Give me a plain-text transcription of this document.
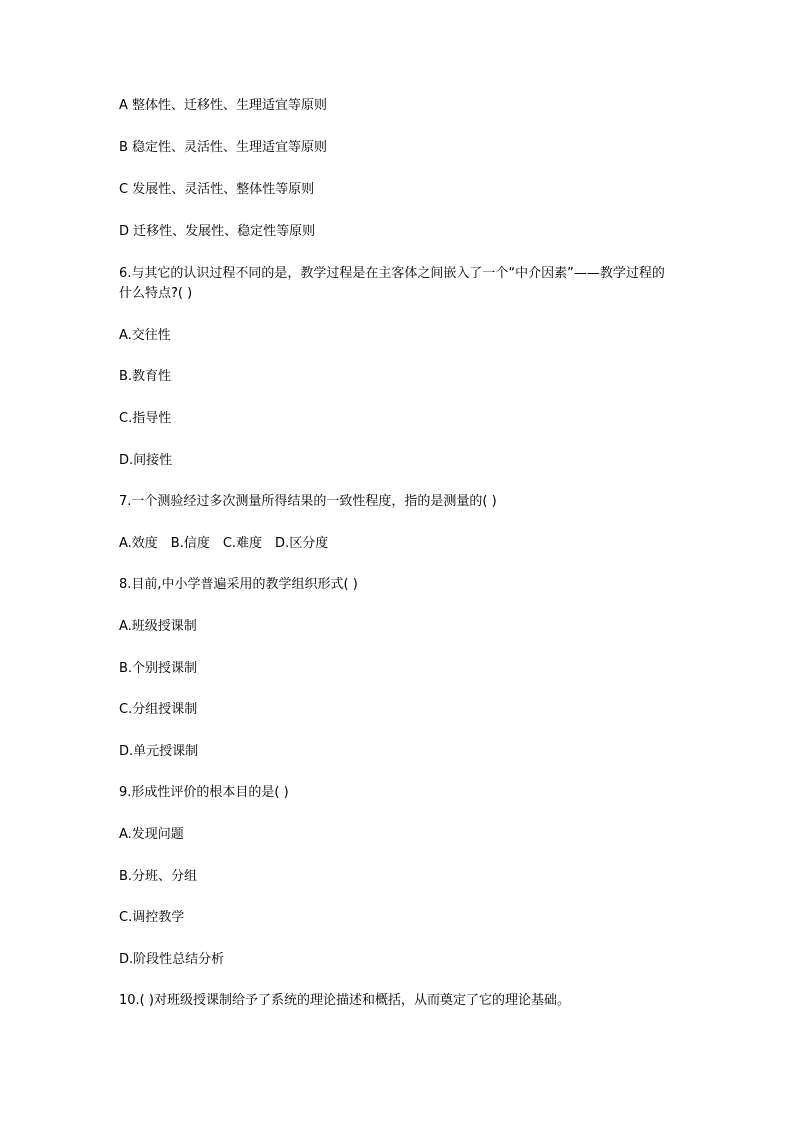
A 整体性、迁移性、生理适宜等原则
B 稳定性、灵活性、生理适宜等原则
C 发展性、灵活性、整体性等原则
D 迁移性、发展性、稳定性等原则
6.与其它的认识过程不同的是，教学过程是在主客体之间嵌入了一个“中介因素”——教学过程的什么特点?( )
A.交往性
B.教育性
C.指导性
D.间接性
7.一个测验经过多次测量所得结果的一致性程度，指的是测量的( )
A.效度　B.信度　C.难度　D.区分度
8.目前,中小学普遍采用的教学组织形式( )
A.班级授课制
B.个别授课制
C.分组授课制
D.单元授课制
9.形成性评价的根本目的是( )
A.发现问题
B.分班、分组
C.调控教学
D.阶段性总结分析
10.( )对班级授课制给予了系统的理论描述和概括，从而奠定了它的理论基础。
